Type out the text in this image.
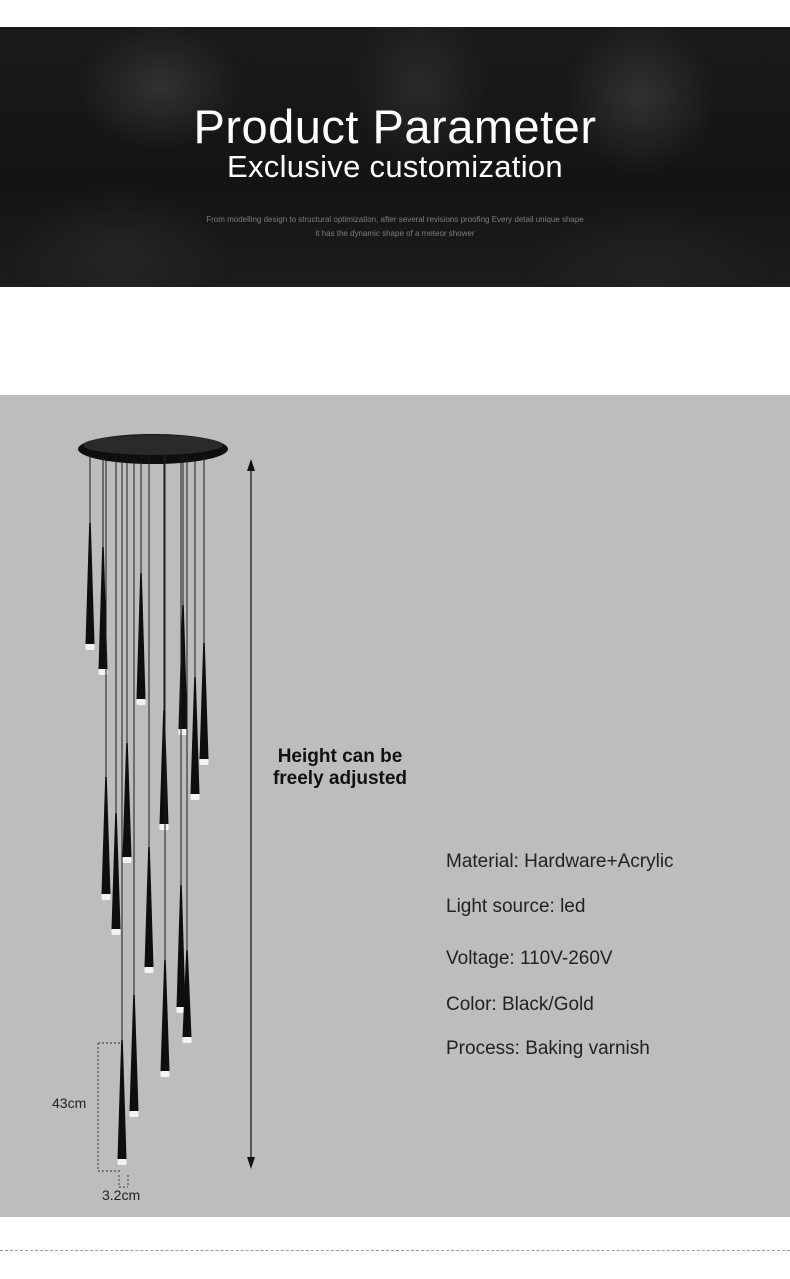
Product Parameter
Exclusive customization
From modelling design to structural optimization, after several revisions proofing Every detail unique shape
it has the dynamic shape of a meteor shower
Height can be
freely adjusted
Material: Hardware+Acrylic
Light source: led
Voltage: 110V-260V
Color: Black/Gold
Process: Baking varnish
43cm
3.2cm
